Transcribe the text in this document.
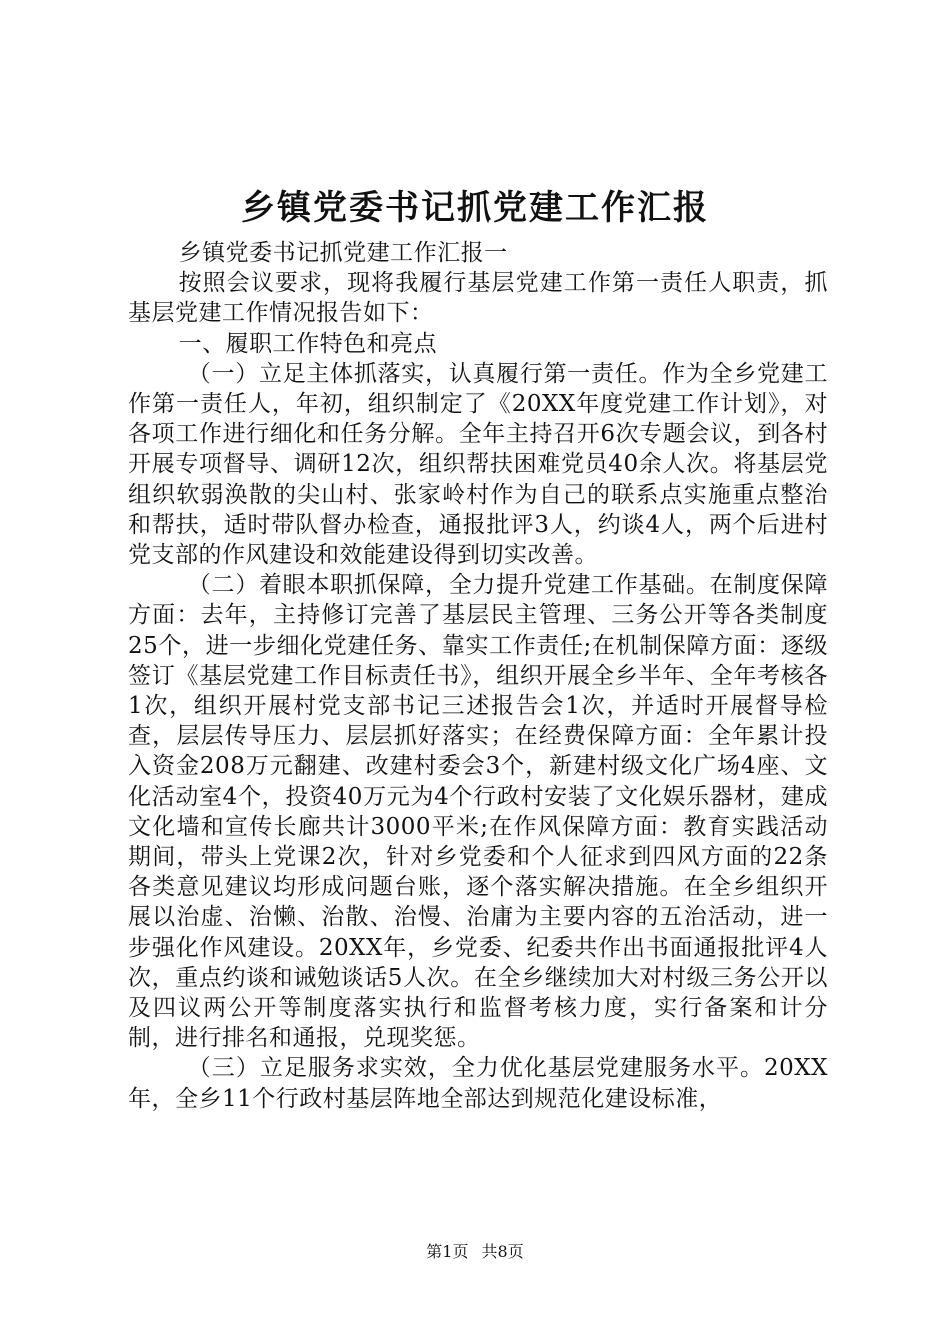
乡镇党委书记抓党建工作汇报

乡镇党委书记抓党建工作汇报一

按照会议要求，现将我履行基层党建工作第一责任人职责，抓基层党建工作情况报告如下：

一、履职工作特色和亮点

（一）立足主体抓落实，认真履行第一责任。作为全乡党建工作第一责任人，年初，组织制定了《20XX年度党建工作计划》，对各项工作进行细化和任务分解。全年主持召开6次专题会议，到各村开展专项督导、调研12次，组织帮扶困难党员40余人次。将基层党组织软弱涣散的尖山村、张家岭村作为自己的联系点实施重点整治和帮扶，适时带队督办检查，通报批评3人，约谈4人，两个后进村党支部的作风建设和效能建设得到切实改善。

（二）着眼本职抓保障，全力提升党建工作基础。在制度保障方面：去年，主持修订完善了基层民主管理、三务公开等各类制度25个，进一步细化党建任务、靠实工作责任;在机制保障方面：逐级签订《基层党建工作目标责任书》，组织开展全乡半年、全年考核各1次，组织开展村党支部书记三述报告会1次，并适时开展督导检查，层层传导压力、层层抓好落实；在经费保障方面：全年累计投入资金208万元翻建、改建村委会3个，新建村级文化广场4座、文化活动室4个，投资40万元为4个行政村安装了文化娱乐器材，建成文化墙和宣传长廊共计3000平米;在作风保障方面：教育实践活动期间，带头上党课2次，针对乡党委和个人征求到四风方面的22条各类意见建议均形成问题台账，逐个落实解决措施。在全乡组织开展以治虚、治懒、治散、治慢、治庸为主要内容的五治活动，进一步强化作风建设。20XX年，乡党委、纪委共作出书面通报批评4人次，重点约谈和诫勉谈话5人次。在全乡继续加大对村级三务公开以及四议两公开等制度落实执行和监督考核力度，实行备案和计分制，进行排名和通报，兑现奖惩。

（三）立足服务求实效，全力优化基层党建服务水平。20XX年，全乡11个行政村基层阵地全部达到规范化建设标准，

第1页 共8页
